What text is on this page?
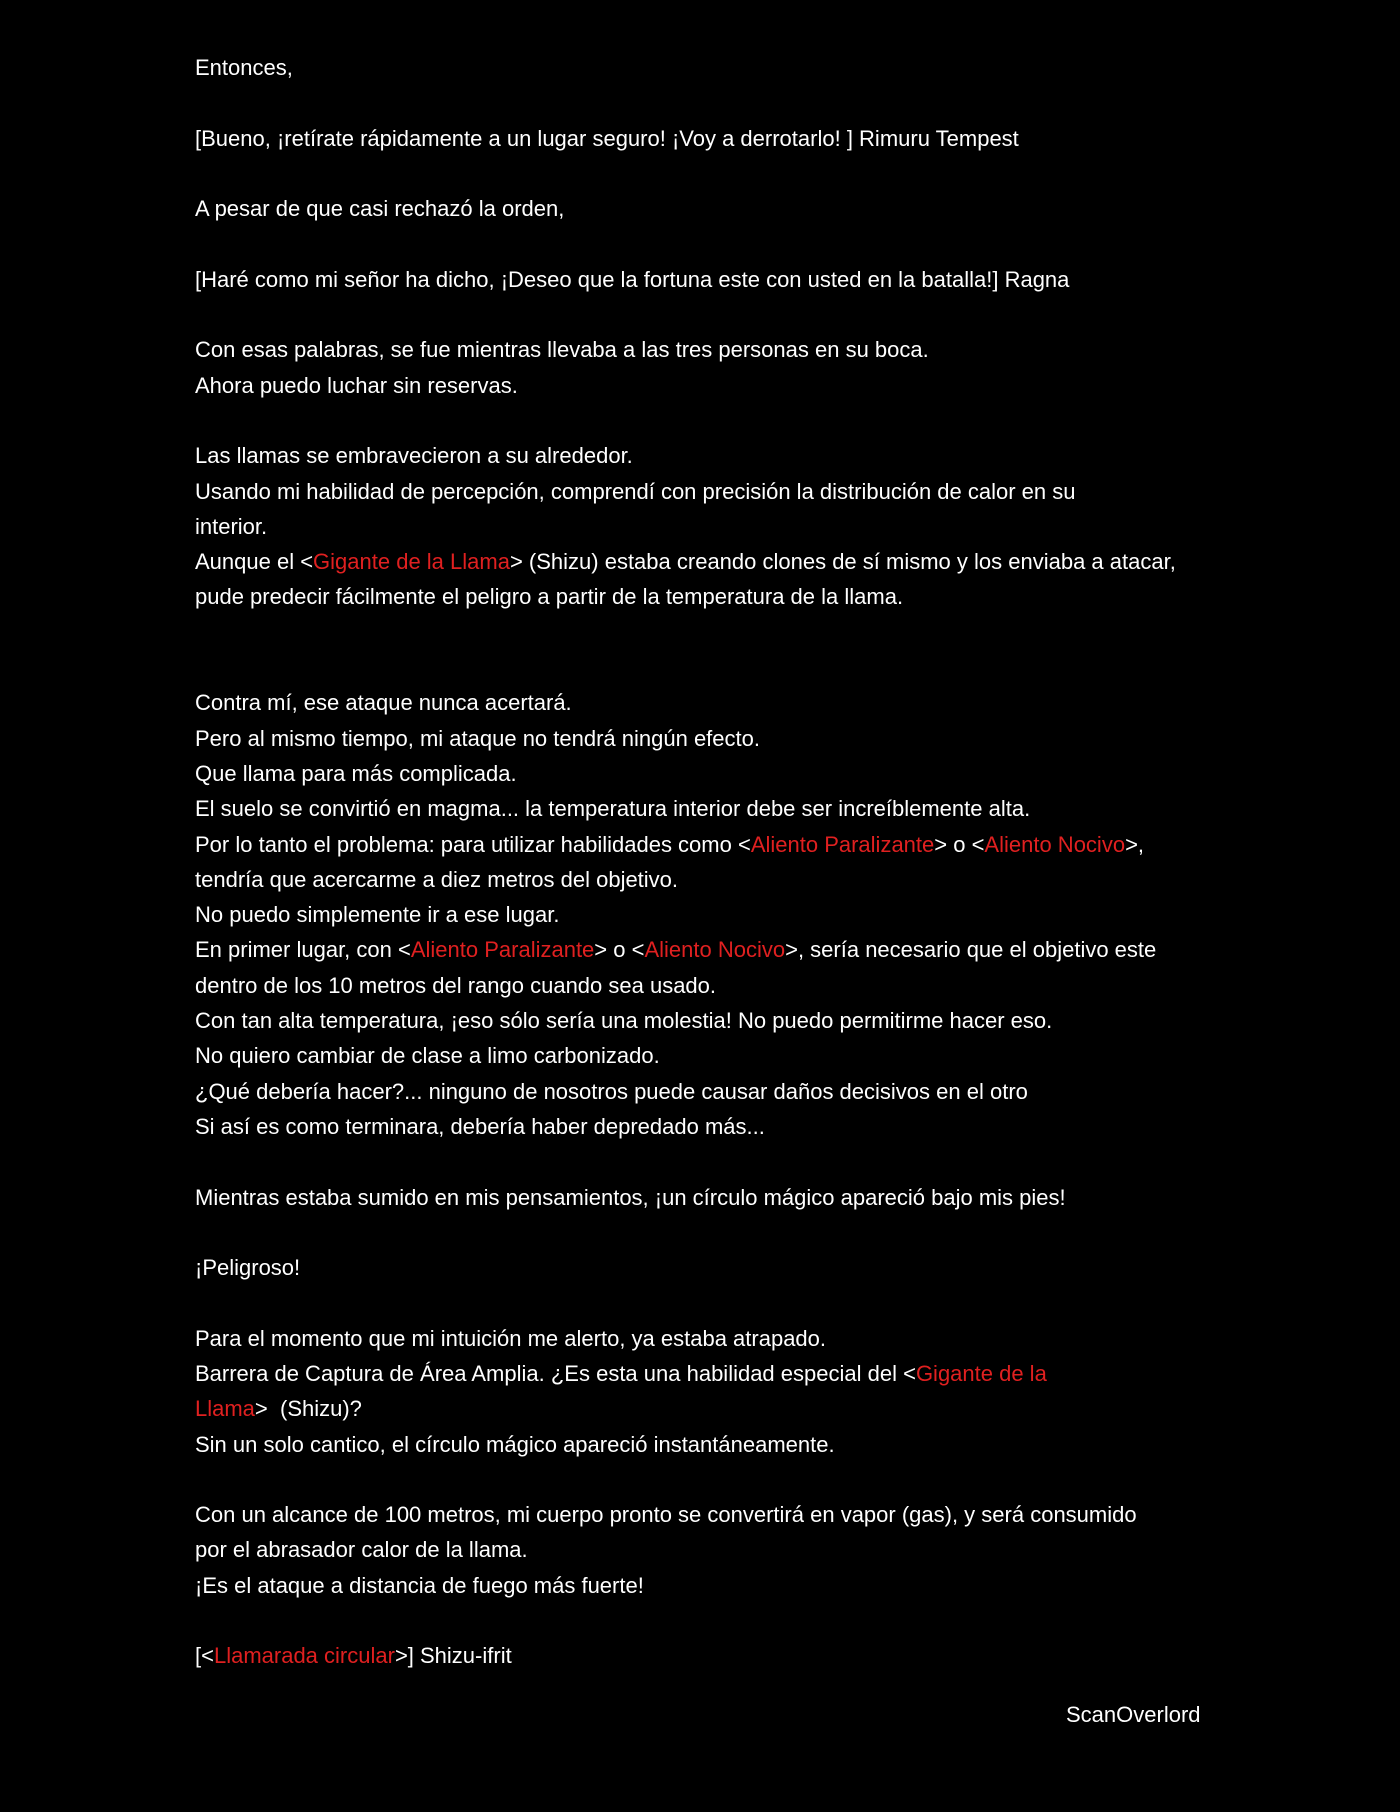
Entonces,
[Bueno, ¡retírate rápidamente a un lugar seguro! ¡Voy a derrotarlo! ] Rimuru Tempest
A pesar de que casi rechazó la orden,
[Haré como mi señor ha dicho, ¡Deseo que la fortuna este con usted en la batalla!] Ragna
Con esas palabras, se fue mientras llevaba a las tres personas en su boca.
Ahora puedo luchar sin reservas.
Las llamas se embravecieron a su alrededor.
Usando mi habilidad de percepción, comprendí con precisión la distribución de calor en su
interior.
Aunque el <Gigante de la Llama> (Shizu) estaba creando clones de sí mismo y los enviaba a atacar,
pude predecir fácilmente el peligro a partir de la temperatura de la llama.
Contra mí, ese ataque nunca acertará.
Pero al mismo tiempo, mi ataque no tendrá ningún efecto.
Que llama para más complicada.
El suelo se convirtió en magma... la temperatura interior debe ser increíblemente alta.
Por lo tanto el problema: para utilizar habilidades como <Aliento Paralizante> o <Aliento Nocivo>,
tendría que acercarme a diez metros del objetivo.
No puedo simplemente ir a ese lugar.
En primer lugar, con <Aliento Paralizante> o <Aliento Nocivo>, sería necesario que el objetivo este
dentro de los 10 metros del rango cuando sea usado.
Con tan alta temperatura, ¡eso sólo sería una molestia! No puedo permitirme hacer eso.
No quiero cambiar de clase a limo carbonizado.
¿Qué debería hacer?... ninguno de nosotros puede causar daños decisivos en el otro
Si así es como terminara, debería haber depredado más...
Mientras estaba sumido en mis pensamientos, ¡un círculo mágico apareció bajo mis pies!
¡Peligroso!
Para el momento que mi intuición me alerto, ya estaba atrapado.
Barrera de Captura de Área Amplia. ¿Es esta una habilidad especial del <Gigante de la
Llama>  (Shizu)?
Sin un solo cantico, el círculo mágico apareció instantáneamente.
Con un alcance de 100 metros, mi cuerpo pronto se convertirá en vapor (gas), y será consumido
por el abrasador calor de la llama.
¡Es el ataque a distancia de fuego más fuerte!
[<Llamarada circular>] Shizu-ifrit
ScanOverlord
